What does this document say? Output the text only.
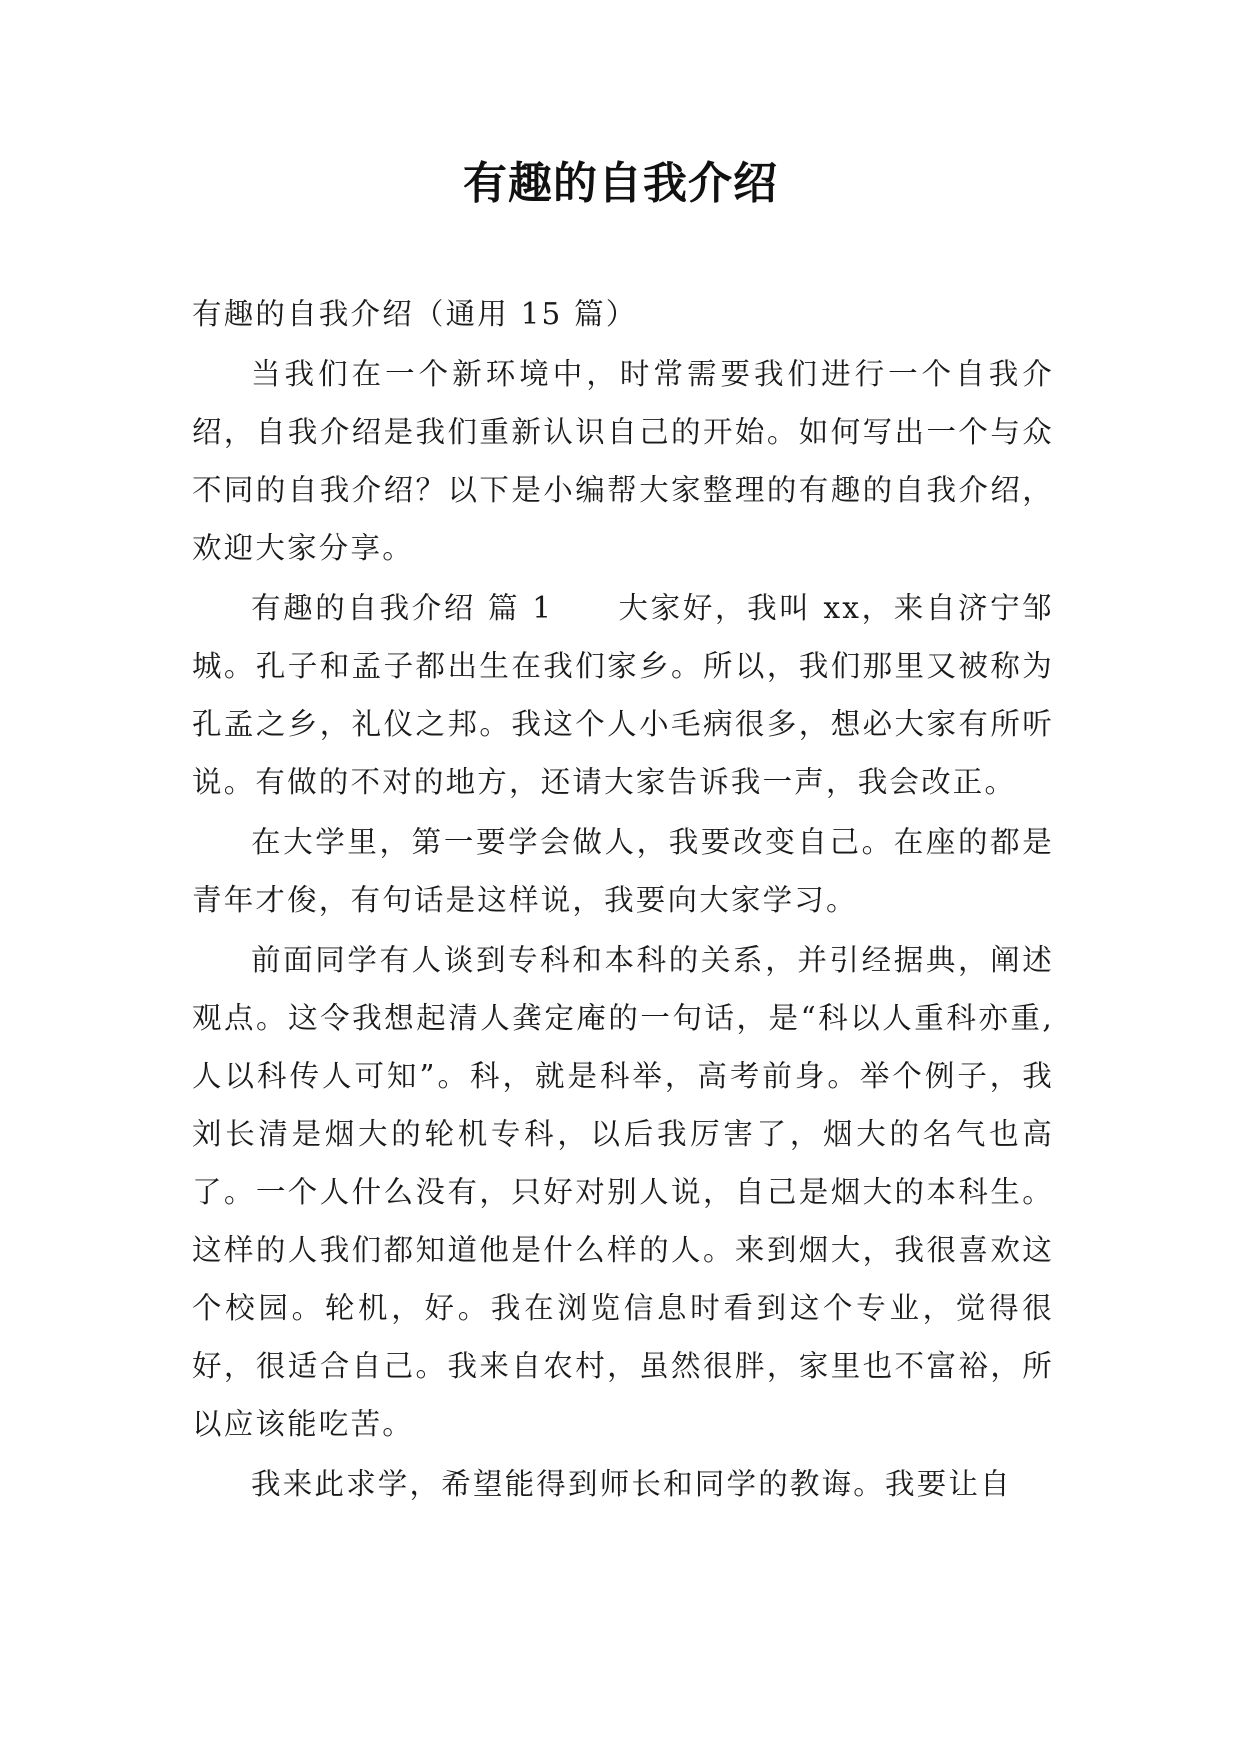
有趣的自我介绍

有趣的自我介绍（通用 15 篇）

当我们在一个新环境中，时常需要我们进行一个自我介绍，自我介绍是我们重新认识自己的开始。如何写出一个与众不同的自我介绍？以下是小编帮大家整理的有趣的自我介绍，欢迎大家分享。

有趣的自我介绍 篇 1 大家好，我叫 xx，来自济宁邹城。孔子和孟子都出生在我们家乡。所以，我们那里又被称为孔孟之乡，礼仪之邦。我这个人小毛病很多，想必大家有所听说。有做的不对的地方，还请大家告诉我一声，我会改正。

在大学里，第一要学会做人，我要改变自己。在座的都是青年才俊，有句话是这样说，我要向大家学习。

前面同学有人谈到专科和本科的关系，并引经据典，阐述观点。这令我想起清人龚定庵的一句话，是“科以人重科亦重,人以科传人可知”。科，就是科举，高考前身。举个例子，我刘长清是烟大的轮机专科，以后我厉害了，烟大的名气也高了。一个人什么没有，只好对别人说，自己是烟大的本科生。这样的人我们都知道他是什么样的人。来到烟大，我很喜欢这个校园。轮机，好。我在浏览信息时看到这个专业，觉得很好，很适合自己。我来自农村，虽然很胖，家里也不富裕，所以应该能吃苦。

我来此求学，希望能得到师长和同学的教诲。我要让自
